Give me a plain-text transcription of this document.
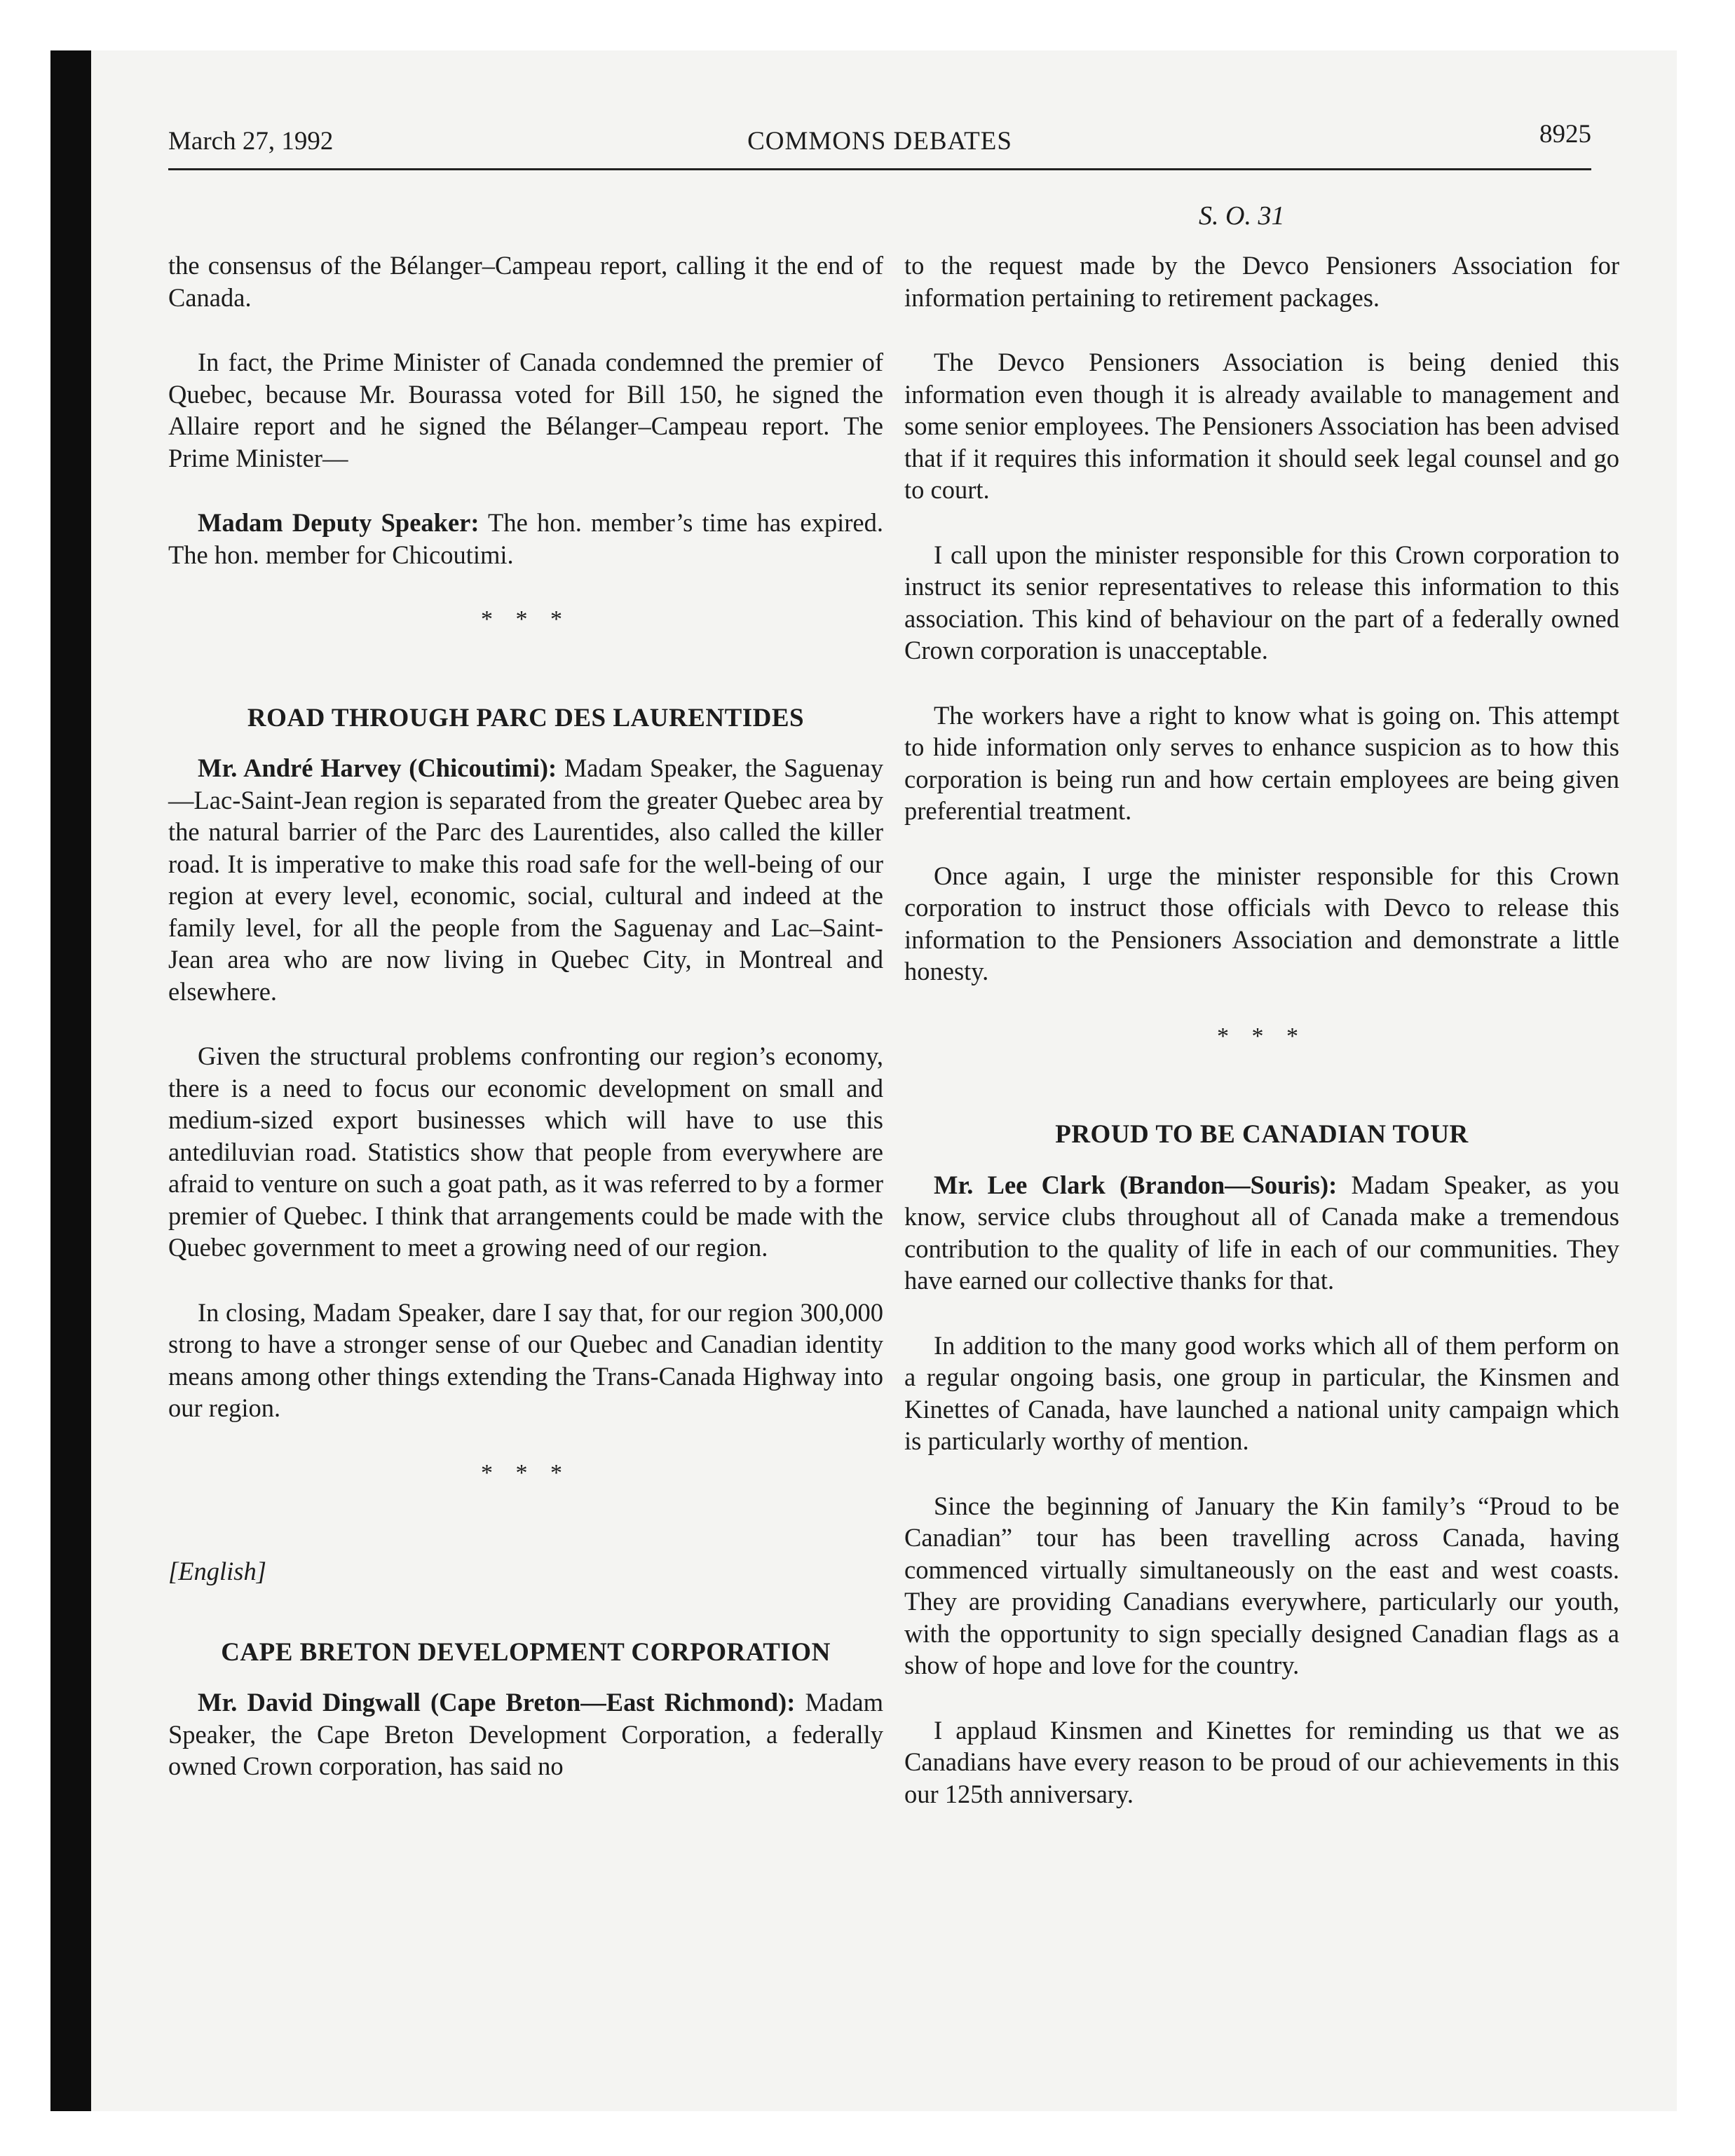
March 27, 1992	COMMONS DEBATES	8925
S. O. 31

the consensus of the Bélanger–Campeau report, calling it the end of Canada.

In fact, the Prime Minister of Canada condemned the premier of Quebec, because Mr. Bourassa voted for Bill 150, he signed the Allaire report and he signed the Bélanger–Campeau report. The Prime Minister—

Madam Deputy Speaker: The hon. member’s time has expired. The hon. member for Chicoutimi.

* * *
ROAD THROUGH PARC DES LAURENTIDES

Mr. André Harvey (Chicoutimi): Madam Speaker, the Saguenay—Lac-Saint-Jean region is separated from the greater Quebec area by the natural barrier of the Parc des Laurentides, also called the killer road. It is imperative to make this road safe for the well-being of our region at every level, economic, social, cultural and indeed at the family level, for all the people from the Saguenay and Lac–Saint-Jean area who are now living in Quebec City, in Montreal and elsewhere.

Given the structural problems confronting our region’s economy, there is a need to focus our economic development on small and medium-sized export businesses which will have to use this antediluvian road. Statistics show that people from everywhere are afraid to venture on such a goat path, as it was referred to by a former premier of Quebec. I think that arrangements could be made with the Quebec government to meet a growing need of our region.

In closing, Madam Speaker, dare I say that, for our region 300,000 strong to have a stronger sense of our Quebec and Canadian identity means among other things extending the Trans-Canada Highway into our region.

* * *
[English]
CAPE BRETON DEVELOPMENT CORPORATION

Mr. David Dingwall (Cape Breton—East Richmond): Madam Speaker, the Cape Breton Development Corporation, a federally owned Crown corporation, has said no

to the request made by the Devco Pensioners Association for information pertaining to retirement packages.

The Devco Pensioners Association is being denied this information even though it is already available to management and some senior employees. The Pensioners Association has been advised that if it requires this information it should seek legal counsel and go to court.

I call upon the minister responsible for this Crown corporation to instruct its senior representatives to release this information to this association. This kind of behaviour on the part of a federally owned Crown corporation is unacceptable.

The workers have a right to know what is going on. This attempt to hide information only serves to enhance suspicion as to how this corporation is being run and how certain employees are being given preferential treatment.

Once again, I urge the minister responsible for this Crown corporation to instruct those officials with Devco to release this information to the Pensioners Association and demonstrate a little honesty.

* * *
PROUD TO BE CANADIAN TOUR

Mr. Lee Clark (Brandon—Souris): Madam Speaker, as you know, service clubs throughout all of Canada make a tremendous contribution to the quality of life in each of our communities. They have earned our collective thanks for that.

In addition to the many good works which all of them perform on a regular ongoing basis, one group in particular, the Kinsmen and Kinettes of Canada, have launched a national unity campaign which is particularly worthy of mention.

Since the beginning of January the Kin family’s “Proud to be Canadian” tour has been travelling across Canada, having commenced virtually simultaneously on the east and west coasts. They are providing Canadians everywhere, particularly our youth, with the opportunity to sign specially designed Canadian flags as a show of hope and love for the country.

I applaud Kinsmen and Kinettes for reminding us that we as Canadians have every reason to be proud of our achievements in this our 125th anniversary.
